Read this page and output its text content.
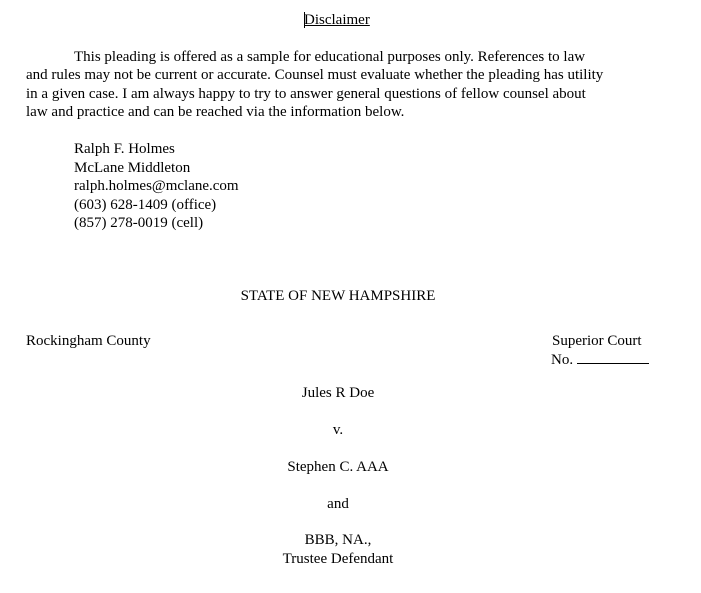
Disclaimer
This pleading is offered as a sample for educational purposes only. References to law
and rules may not be current or accurate. Counsel must evaluate whether the pleading has utility
in a given case. I am always happy to try to answer general questions of fellow counsel about
law and practice and can be reached via the information below.
Ralph F. Holmes
McLane Middleton
ralph.holmes@mclane.com
(603) 628-1409 (office)
(857) 278-0019 (cell)
STATE OF NEW HAMPSHIRE
Rockingham County	Superior Court
No.
Jules R Doe
v.
Stephen C. AAA
and
BBB, NA.,
Trustee Defendant
